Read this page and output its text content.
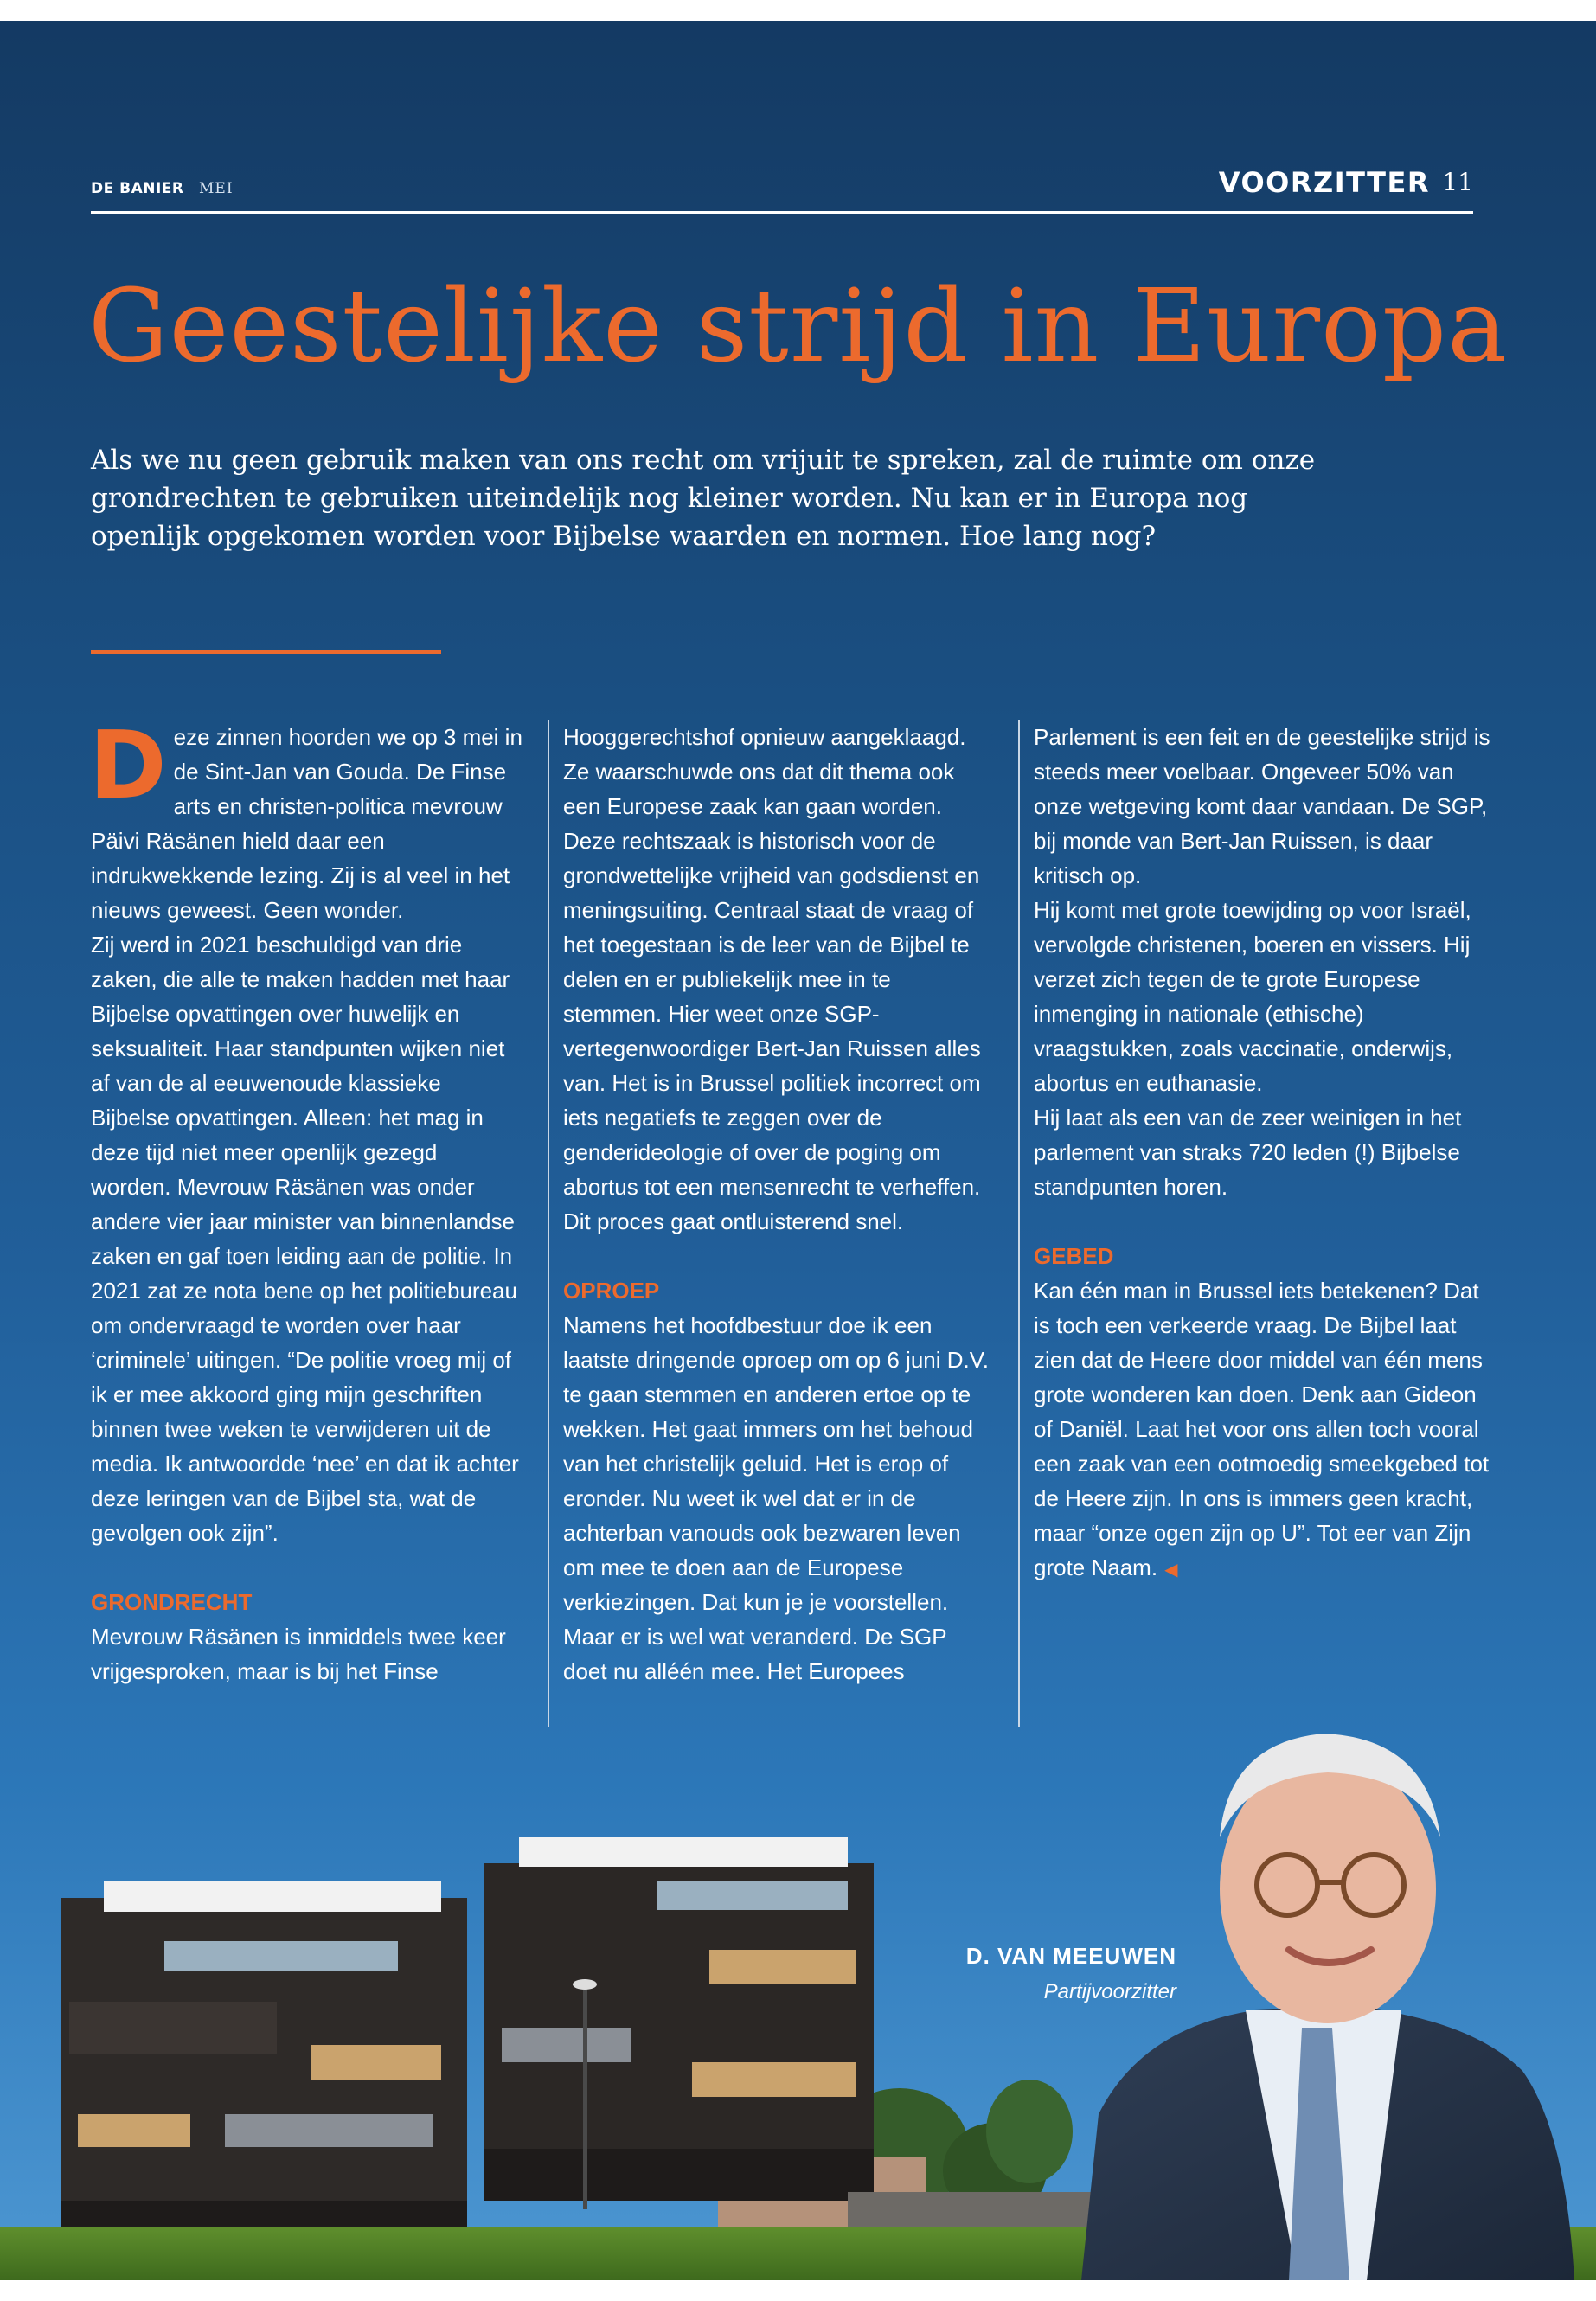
DE BANIER MEI	VOORZITTER 11
Geestelijke strijd in Europa

Als we nu geen gebruik maken van ons recht om vrijuit te spreken, zal de ruimte om onze grondrechten te gebruiken uiteindelijk nog kleiner worden. Nu kan er in Europa nog openlijk opgekomen worden voor Bijbelse waarden en normen. Hoe lang nog?

Deze zinnen hoorden we op 3 mei in de Sint-Jan van Gouda. De Finse arts en christen-politica mevrouw Päivi Räsänen hield daar een indrukwekkende lezing. Zij is al veel in het nieuws geweest. Geen wonder.

Zij werd in 2021 beschuldigd van drie zaken, die alle te maken hadden met haar Bijbelse opvattingen over huwelijk en seksualiteit. Haar standpunten wijken niet af van de al eeuwenoude klassieke Bijbelse opvattingen. Alleen: het mag in deze tijd niet meer openlijk gezegd worden. Mevrouw Räsänen was onder andere vier jaar minister van binnenlandse zaken en gaf toen leiding aan de politie. In 2021 zat ze nota bene op het politiebureau om ondervraagd te worden over haar ‘criminele’ uitingen. “De politie vroeg mij of ik er mee akkoord ging mijn geschriften binnen twee weken te verwijderen uit de media. Ik antwoordde ‘nee’ en dat ik achter deze leringen van de Bijbel sta, wat de gevolgen ook zijn”.

GRONDRECHT

Mevrouw Räsänen is inmiddels twee keer vrijgesproken, maar is bij het Finse

Hooggerechtshof opnieuw aangeklaagd. Ze waarschuwde ons dat dit thema ook een Europese zaak kan gaan worden. Deze rechtszaak is historisch voor de grondwettelijke vrijheid van godsdienst en meningsuiting. Centraal staat de vraag of het toegestaan is de leer van de Bijbel te delen en er publiekelijk mee in te stemmen. Hier weet onze SGP-vertegenwoordiger Bert-Jan Ruissen alles van. Het is in Brussel politiek incorrect om iets negatiefs te zeggen over de genderideologie of over de poging om abortus tot een mensenrecht te verheffen. Dit proces gaat ontluisterend snel.

OPROEP

Namens het hoofdbestuur doe ik een laatste dringende oproep om op 6 juni D.V. te gaan stemmen en anderen ertoe op te wekken. Het gaat immers om het behoud van het christelijk geluid. Het is erop of eronder. Nu weet ik wel dat er in de achterban vanouds ook bezwaren leven om mee te doen aan de Europese verkiezingen. Dat kun je je voorstellen. Maar er is wel wat veranderd. De SGP doet nu alléén mee. Het Europees

Parlement is een feit en de geestelijke strijd is steeds meer voelbaar. Ongeveer 50% van onze wetgeving komt daar vandaan. De SGP, bij monde van Bert-Jan Ruissen, is daar kritisch op.

Hij komt met grote toewijding op voor Israël, vervolgde christenen, boeren en vissers. Hij verzet zich tegen de te grote Europese inmenging in nationale (ethische) vraagstukken, zoals vaccinatie, onderwijs, abortus en euthanasie.

Hij laat als een van de zeer weinigen in het parlement van straks 720 leden (!) Bijbelse standpunten horen.

GEBED

Kan één man in Brussel iets betekenen? Dat is toch een verkeerde vraag. De Bijbel laat zien dat de Heere door middel van één mens grote wonderen kan doen. Denk aan Gideon of Daniël. Laat het voor ons allen toch vooral een zaak van een ootmoedig smeekgebed tot de Heere zijn. In ons is immers geen kracht, maar “onze ogen zijn op U”. Tot eer van Zijn grote Naam. ◀

D. VAN MEEUWEN
Partijvoorzitter
